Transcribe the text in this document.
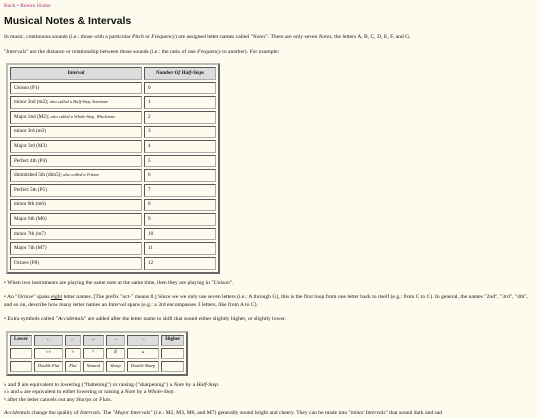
Back • Return Home
Musical Notes & Intervals

In music, continuous sounds (i.e.: those with a particular Pitch or Frequency) are assigned letter names called "Notes". There are only seven Notes, the letters A, B, C, D, E, F, and G.

"Intervals" are the distance or relationship between those sounds (i.e.: the ratio of one Frequency to another). For example:

Interval	Number Of Half-Steps
Unison (P1)	0
minor 2nd (m2); also called a Half-Step, Semitone	1
Major 2nd (M2); also called a Whole-Step, Wholetone	2
minor 3rd (m3)	3
Major 3rd (M3)	4
Perfect 4th (P4)	5
diminished 5th (dim5); also called a Tritone	6
Perfect 5th (P5)	7
minor 6th (m6)	8
Major 6th (M6)	9
minor 7th (m7)	10
Major 7th (M7)	11
Octave (P8)	12

• When two instruments are playing the same note at the same time, then they are playing in "Unison".

• An "Octave" spans eight letter names. [The prefix "oct-" means 8.] Since we we only use seven letters (i.e.: A through G), this is the first loop from one letter back to itself (e.g.: from C to C). In general, the names "2nd", "3rd", "4th", and so on, describe how many letter names an Interval spans (e.g.: a 3rd encompasses 3 letters, like from A to C).

• Extra symbols called "Accidentals" are added after the letter name to shift that sound either slightly higher, or slightly lower.

Lower	←	←	↔	→	→	Higher
	♭♭	♭	♮	♯	𝄪	
	Double Flat	Flat	Natural	Sharp	Double Sharp	

♭ and ♯ are equivalent to lowering ("flattening") or raising ("sharpening") a Note by a Half-Step.

♭♭ and 𝄪 are equivalent to either lowering or raising a Note by a Whole-Step.

♮ after the letter cancels out any Sharps or Flats.

Accidentals change the quality of Intervals. The "Major Intervals" (i.e.: M2, M3, M6, and M7) generally sound bright and cheery. They can be made into "minor Intervals" that sound dark and sad
